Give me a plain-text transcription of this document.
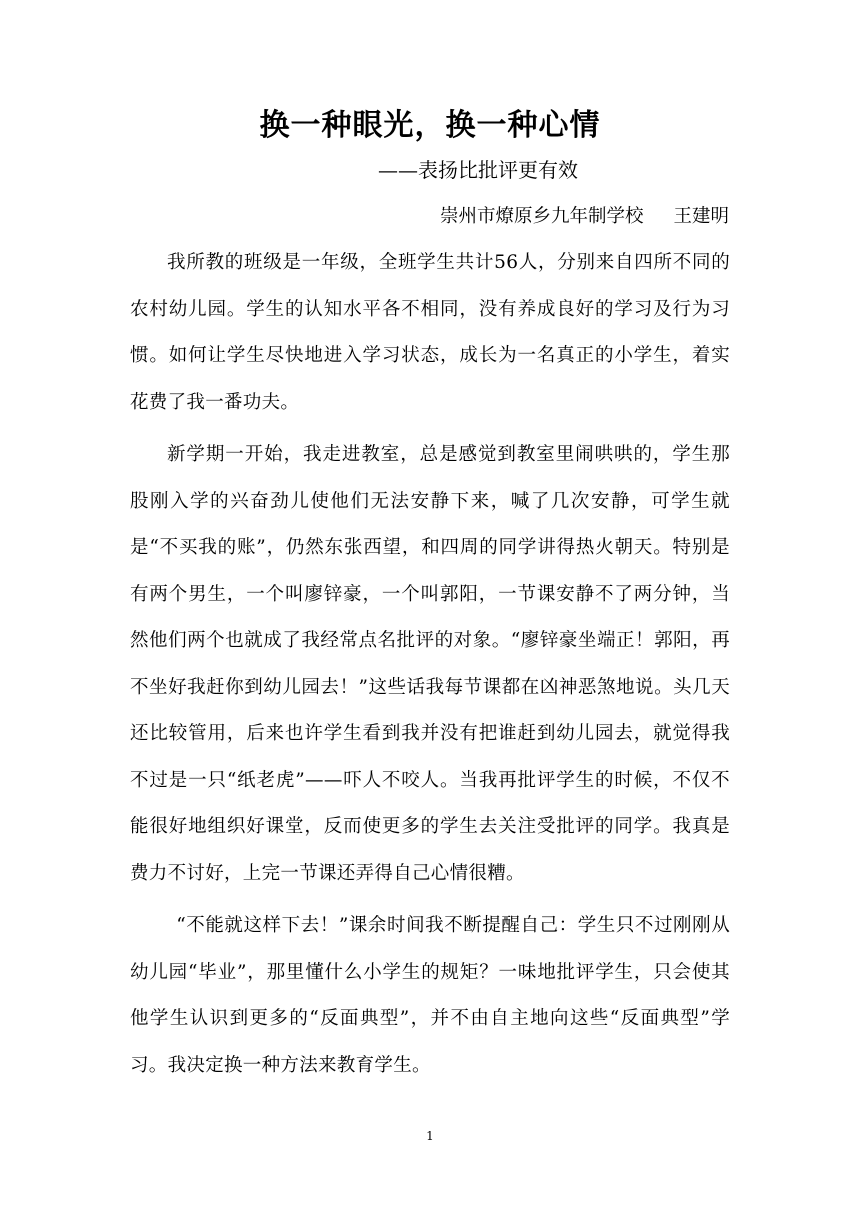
换一种眼光，换一种心情
——表扬比批评更有效
崇州市燎原乡九年制学校 王建明

我所教的班级是一年级，全班学生共计56人，分别来自四所不同的农村幼儿园。学生的认知水平各不相同，没有养成良好的学习及行为习惯。如何让学生尽快地进入学习状态，成长为一名真正的小学生，着实花费了我一番功夫。

新学期一开始，我走进教室，总是感觉到教室里闹哄哄的，学生那股刚入学的兴奋劲儿使他们无法安静下来，喊了几次安静，可学生就是“不买我的账”，仍然东张西望，和四周的同学讲得热火朝天。特别是有两个男生，一个叫廖锌豪，一个叫郭阳，一节课安静不了两分钟，当然他们两个也就成了我经常点名批评的对象。“廖锌豪坐端正！郭阳，再不坐好我赶你到幼儿园去！”这些话我每节课都在凶神恶煞地说。头几天还比较管用，后来也许学生看到我并没有把谁赶到幼儿园去，就觉得我不过是一只“纸老虎”——吓人不咬人。当我再批评学生的时候，不仅不能很好地组织好课堂，反而使更多的学生去关注受批评的同学。我真是费力不讨好，上完一节课还弄得自己心情很糟。

“不能就这样下去！”课余时间我不断提醒自己：学生只不过刚刚从幼儿园“毕业”，那里懂什么小学生的规矩？一味地批评学生，只会使其他学生认识到更多的“反面典型”，并不由自主地向这些“反面典型”学习。我决定换一种方法来教育学生。

1
